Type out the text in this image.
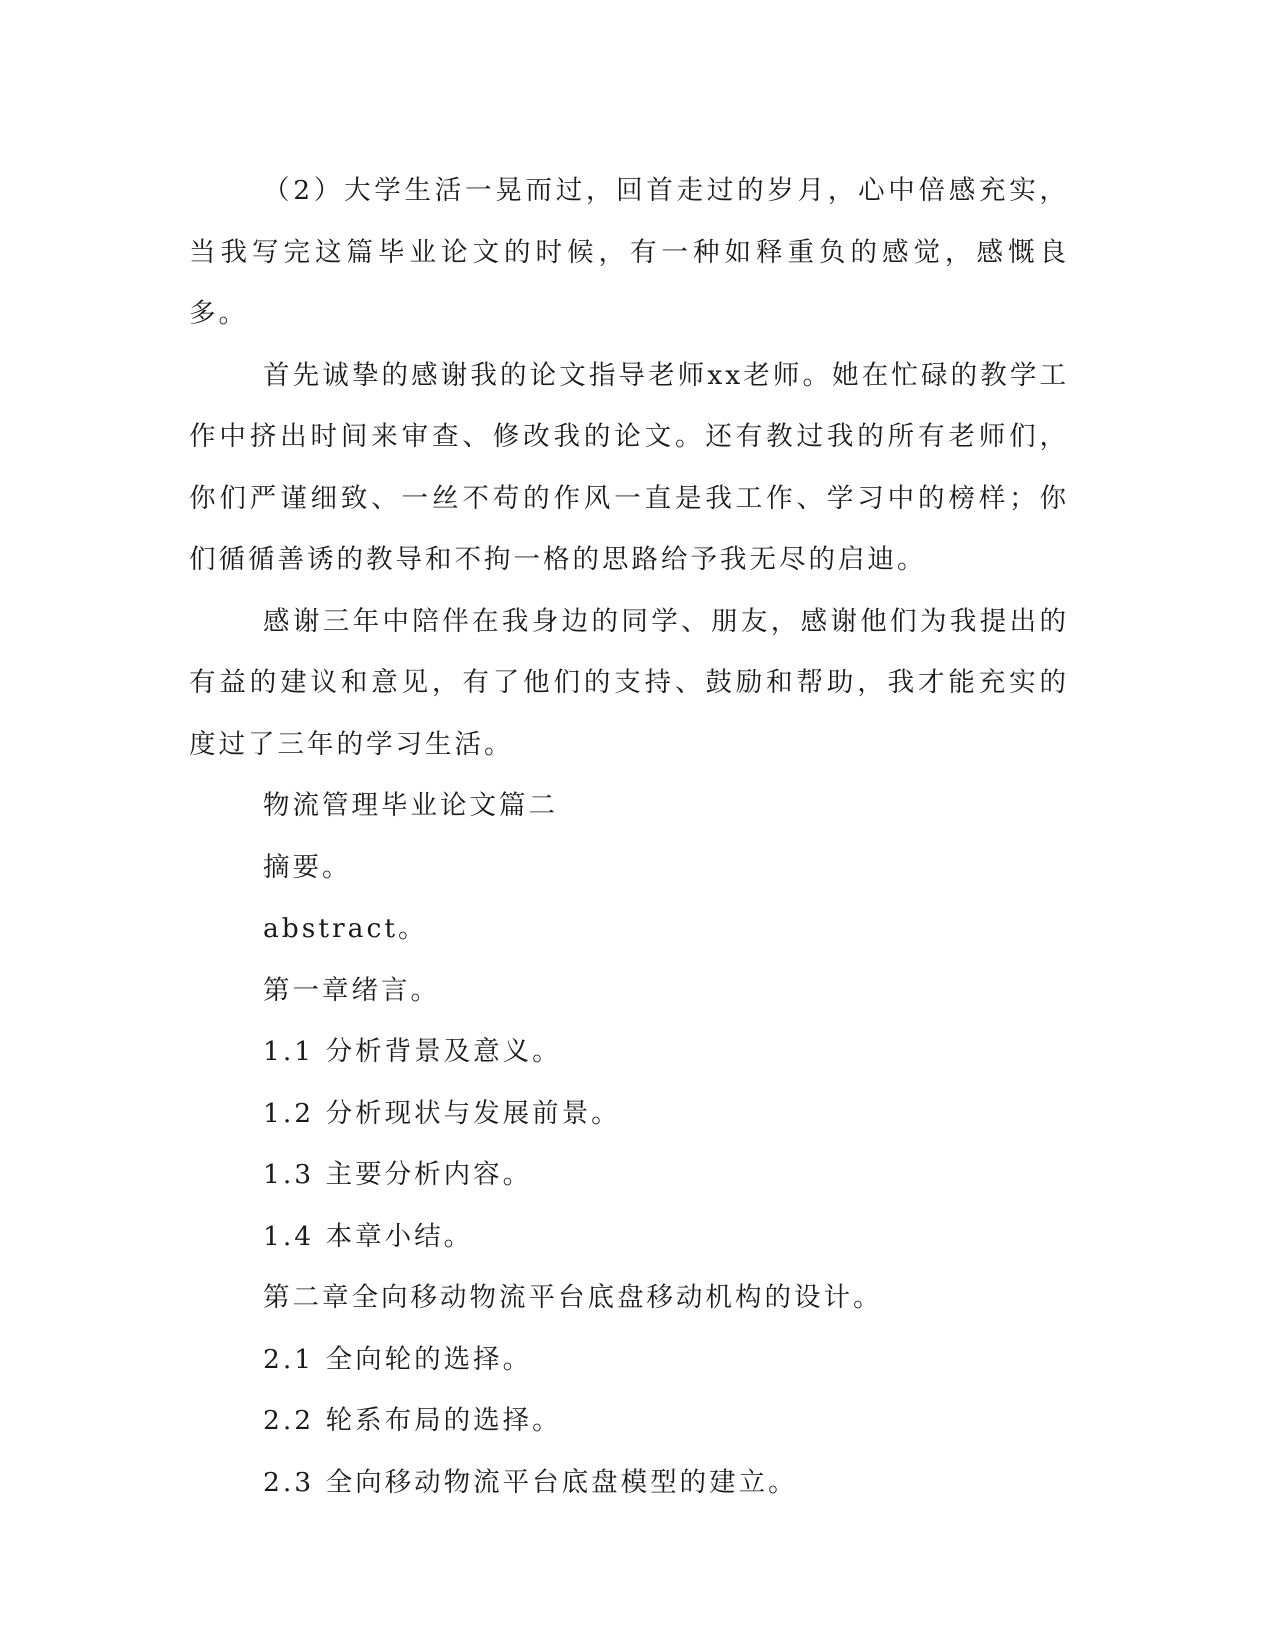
（2）大学生活一晃而过，回首走过的岁月，心中倍感充实，当我写完这篇毕业论文的时候，有一种如释重负的感觉，感慨良多。

首先诚挚的感谢我的论文指导老师xx老师。她在忙碌的教学工作中挤出时间来审查、修改我的论文。还有教过我的所有老师们，你们严谨细致、一丝不苟的作风一直是我工作、学习中的榜样；你们循循善诱的教导和不拘一格的思路给予我无尽的启迪。

感谢三年中陪伴在我身边的同学、朋友，感谢他们为我提出的有益的建议和意见，有了他们的支持、鼓励和帮助，我才能充实的度过了三年的学习生活。

物流管理毕业论文篇二

摘要。

abstract。

第一章绪言。

1.1 分析背景及意义。

1.2 分析现状与发展前景。

1.3 主要分析内容。

1.4 本章小结。

第二章全向移动物流平台底盘移动机构的设计。

2.1 全向轮的选择。

2.2 轮系布局的选择。

2.3 全向移动物流平台底盘模型的建立。
